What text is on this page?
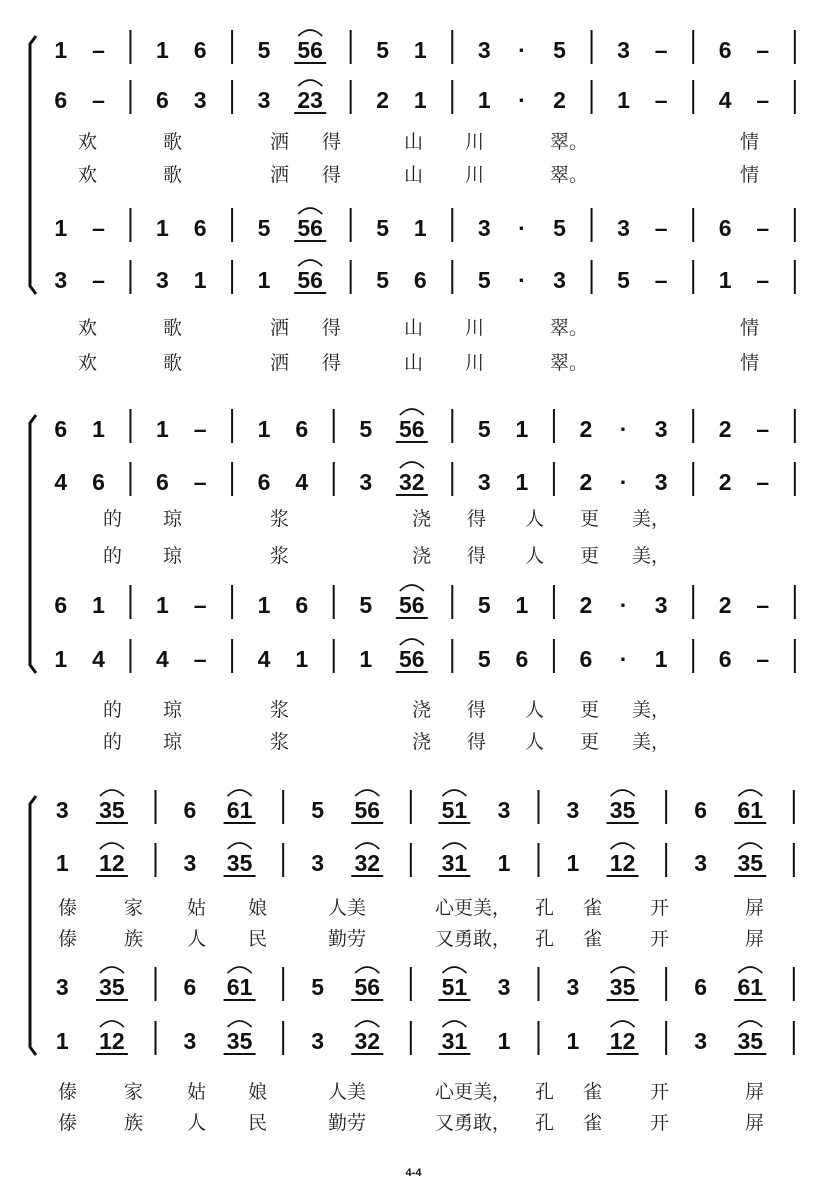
1 – 1 6 5 56 5 1 3 · 5 3 – 6 –
6 – 6 3 3 23 2 1 1 · 2 1 – 4 –
1 – 1 6 5 56 5 1 3 · 5 3 – 6 –
3 – 3 1 1 56 5 6 5 · 3 5 – 1 –
欢	歌	洒 得	山 川	翠。	情
欢	歌	洒 得	山 川	翠。	情
欢	歌	洒 得	山 川	翠。	情
欢	歌	洒 得	山 川	翠。	情
6 1 1 – 1 6 5 56 5 1 2 · 3 2 –
4 6 6 – 6 4 3 32 3 1 2 · 3 2 –
6 1 1 – 1 6 5 56 5 1 2 · 3 2 –
1 4 4 – 4 1 1 56 5 6 6 · 1 6 –
的 琼	浆	浇 得 人 更 美，
的 琼	浆	浇 得 人 更 美，
的 琼	浆	浇 得 人 更 美，
的 琼	浆	浇 得 人 更 美，
3 35	6 61	5 56	51 3 3 35	6 61
1 12	3 35	3 32	31 1 1 12	3 35
3 35	6 61	5 56	51 3 3 35	6 61
1 12	3 35	3 32	31 1 1 12	3 35
傣 家 姑 娘	人美	心更美， 孔 雀	开	屏
傣 族 人 民	勤劳	又勇敢， 孔 雀	开	屏
傣 家 姑 娘	人美	心更美， 孔 雀	开	屏
傣 族 人 民	勤劳	又勇敢， 孔 雀	开	屏
4-4
